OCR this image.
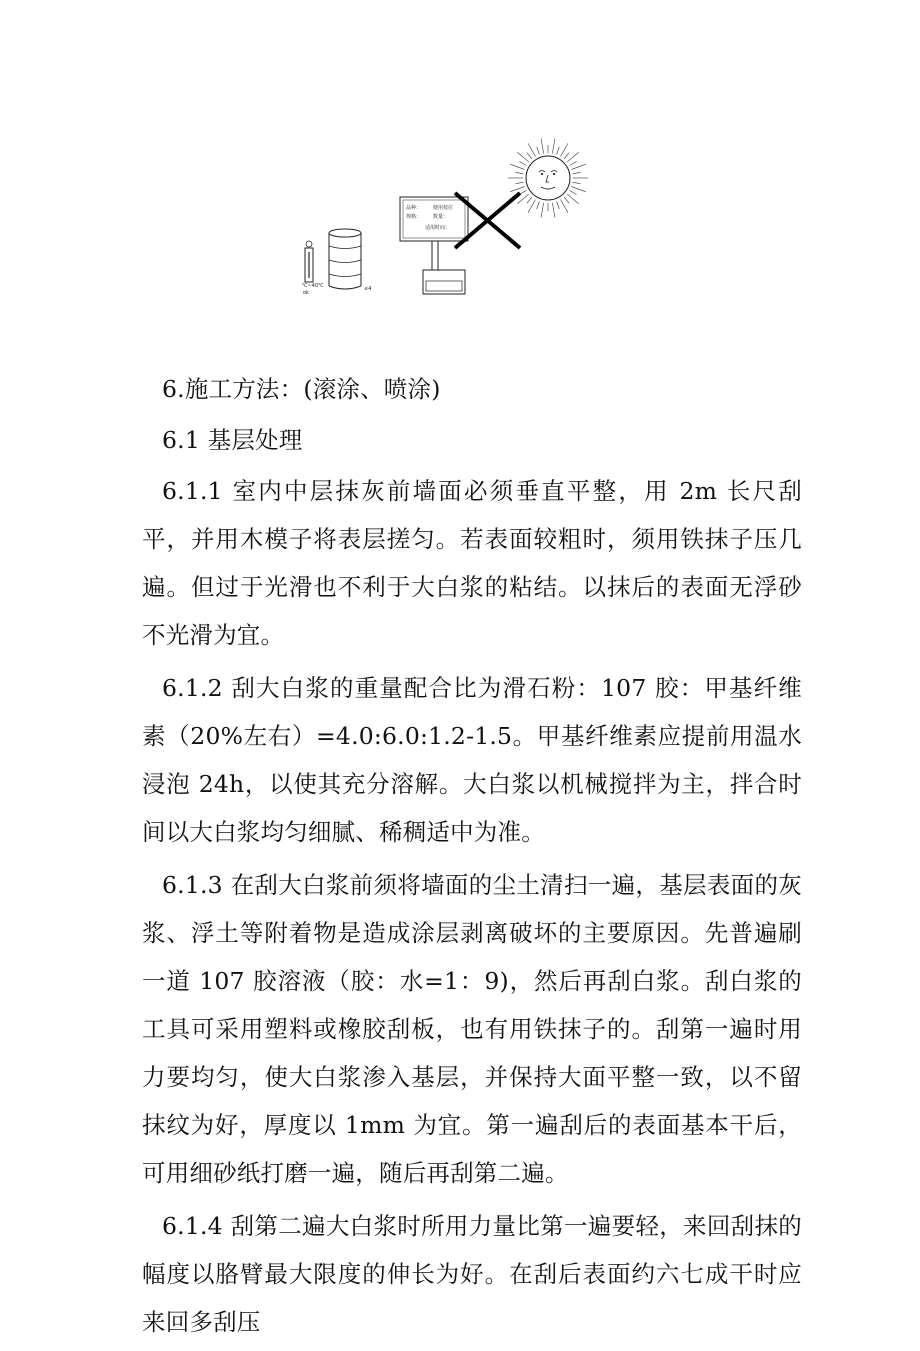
℃~40℃
ok
≤4
品种： 使用按位
规格： 数量：
适用时间：

6.施工方法：(滚涂、喷涂)

6.1 基层处理

6.1.1 室内中层抹灰前墙面必须垂直平整，用 2m 长尺刮平，并用木模子将表层搓匀。若表面较粗时，须用铁抹子压几遍。但过于光滑也不利于大白浆的粘结。以抹后的表面无浮砂不光滑为宜。

6.1.2 刮大白浆的重量配合比为滑石粉：107 胶：甲基纤维素（20%左右）=4.0:6.0:1.2-1.5。甲基纤维素应提前用温水浸泡 24h，以使其充分溶解。大白浆以机械搅拌为主，拌合时间以大白浆均匀细腻、稀稠适中为准。

6.1.3 在刮大白浆前须将墙面的尘土清扫一遍，基层表面的灰浆、浮土等附着物是造成涂层剥离破坏的主要原因。先普遍刷一道 107 胶溶液（胶：水=1：9)，然后再刮白浆。刮白浆的工具可采用塑料或橡胶刮板，也有用铁抹子的。刮第一遍时用力要均匀，使大白浆渗入基层，并保持大面平整一致，以不留抹纹为好，厚度以 1mm 为宜。第一遍刮后的表面基本干后，可用细砂纸打磨一遍，随后再刮第二遍。

6.1.4 刮第二遍大白浆时所用力量比第一遍要轻，来回刮抹的幅度以胳臂最大限度的伸长为好。在刮后表面约六七成干时应来回多刮压
